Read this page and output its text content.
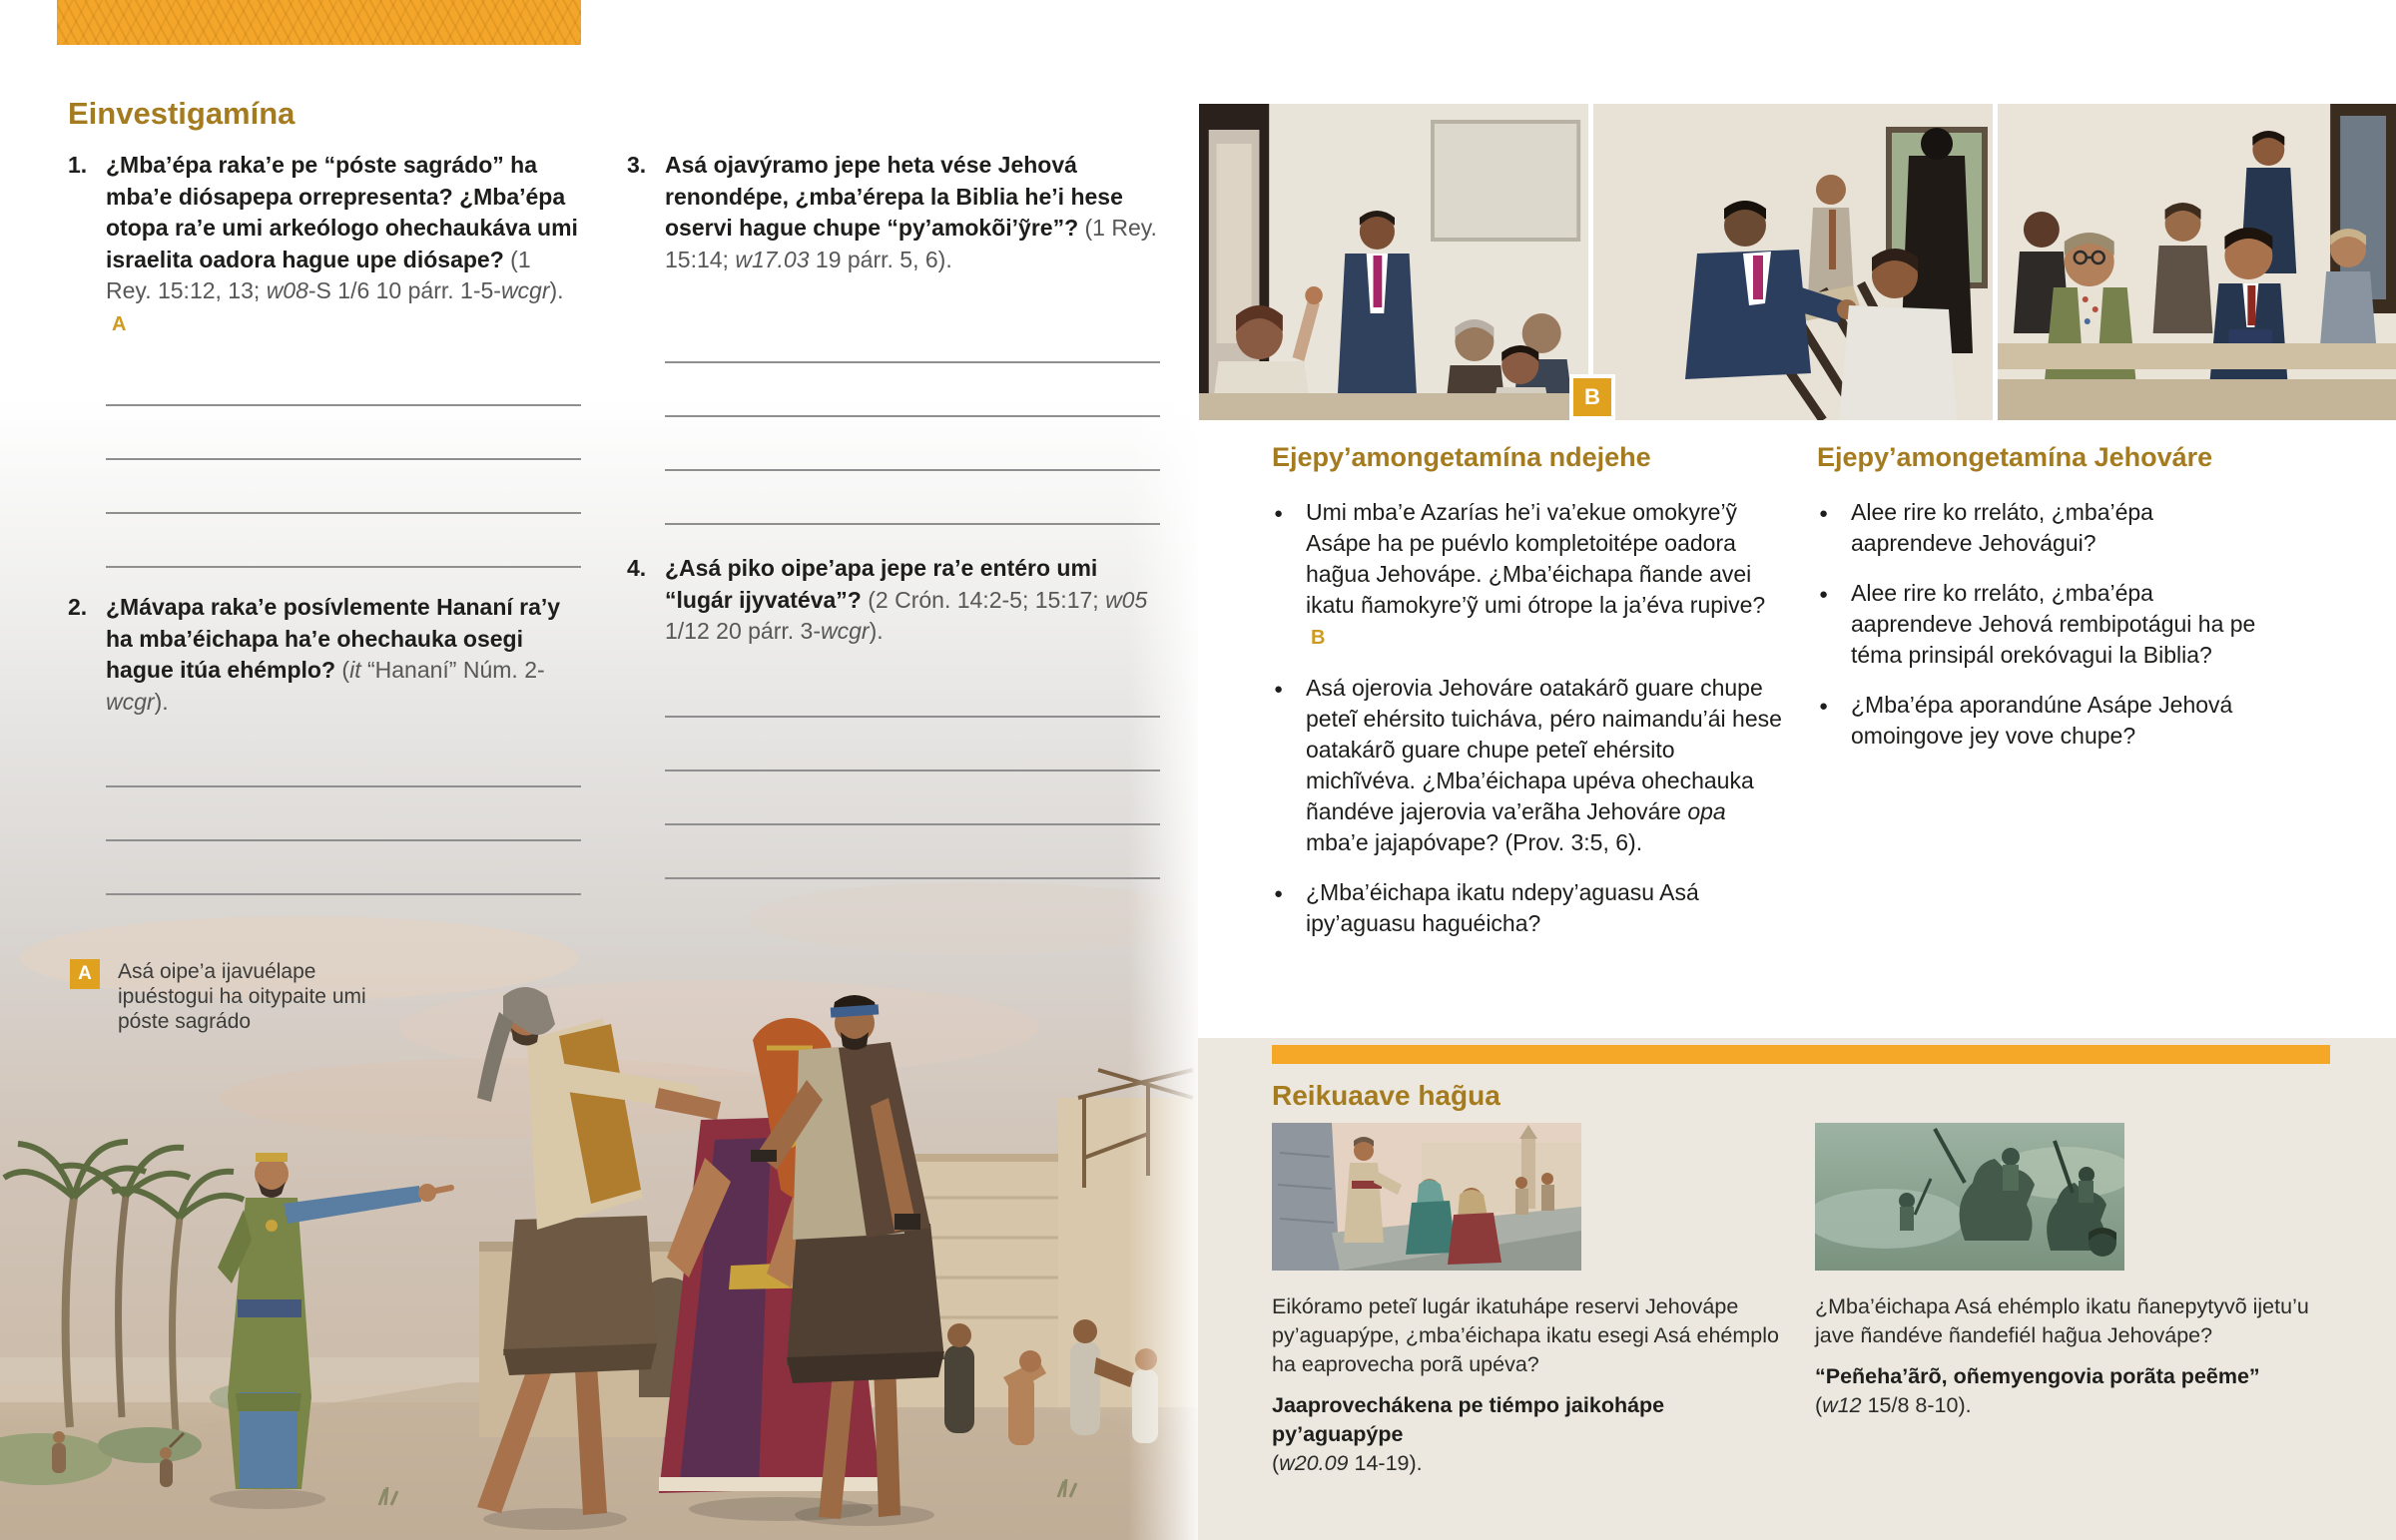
Einvestigamína
1. ¿Mba’épa raka’e pe “póste sagrádo” ha mba’e diósapepa orrepresenta? ¿Mba’épa otopa ra’e umi arkeólogo ohechaukáva umi israelita oadora hague upe diósape? (1 Rey. 15:12, 13; w08-S 1/6 10 párr. 1-5-wcgr). A
2. ¿Mávapa raka’e posívlemente Hananí ra’y ha mba’éichapa ha’e ohechauka osegi hague itúa ehémplo? (it “Hananí” Núm. 2-wcgr).
3. Asá ojavýramo jepe heta vése Jehová renondépe, ¿mba’érepa la Biblia he’i hese oservi hague chupe “py’amokõi’ỹre”? (1 Rey. 15:14; w17.03 19 párr. 5, 6).
4. ¿Asá piko oipe’apa jepe ra’e entéro umi “lugár ijyvatéva”? (2 Crón. 14:2-5; 15:17; w05 1/12 20 párr. 3-wcgr).
A	Asá oipe’a ijavuélape ipuéstogui ha oitypaite umi póste sagrádo
B
Ejepy’amongetamína ndejehe
● Umi mba’e Azarías he’i va’ekue omokyre’ỹ Asápe ha pe puévlo kompletoitépe oadora hag̃ua Jehovápe. ¿Mba’éichapa ñande avei ikatu ñamokyre’ỹ umi ótrope la ja’éva rupive? B
● Asá ojerovia Jehováre oatakárõ guare chupe peteĩ ehérsito tuicháva, péro naimandu’ái hese oatakárõ guare chupe peteĩ ehérsito michĩvéva. ¿Mba’éichapa upéva ohechauka ñandéve jajerovia va’erãha Jehováre opa mba’e jajapóvape? (Prov. 3:5, 6).
● ¿Mba’éichapa ikatu ndepy’aguasu Asá ipy’aguasu haguéicha?
Ejepy’amongetamína Jehováre
● Alee rire ko rreláto, ¿mba’épa aaprendeve Jehovágui?
● Alee rire ko rreláto, ¿mba’épa aaprendeve Jehová rembipotágui ha pe téma prinsipál orekóvagui la Biblia?
● ¿Mba’épa aporandúne Asápe Jehová omoingove jey vove chupe?
Reikuaave hag̃ua
Eikóramo peteĩ lugár ikatuhápe reservi Jehovápe py’aguapýpe, ¿mba’éichapa ikatu esegi Asá ehémplo ha eaprovecha porã upéva?
Jaaprovechákena pe tiémpo jaikohápe py’aguapýpe
(w20.09 14-19).
¿Mba’éichapa Asá ehémplo ikatu ñanepytyvõ ijetu’u jave ñandéve ñandefiél hag̃ua Jehovápe?
“Peñeha’ãrõ, oñemyengovia porãta peẽme”
(w12 15/8 8-10).
